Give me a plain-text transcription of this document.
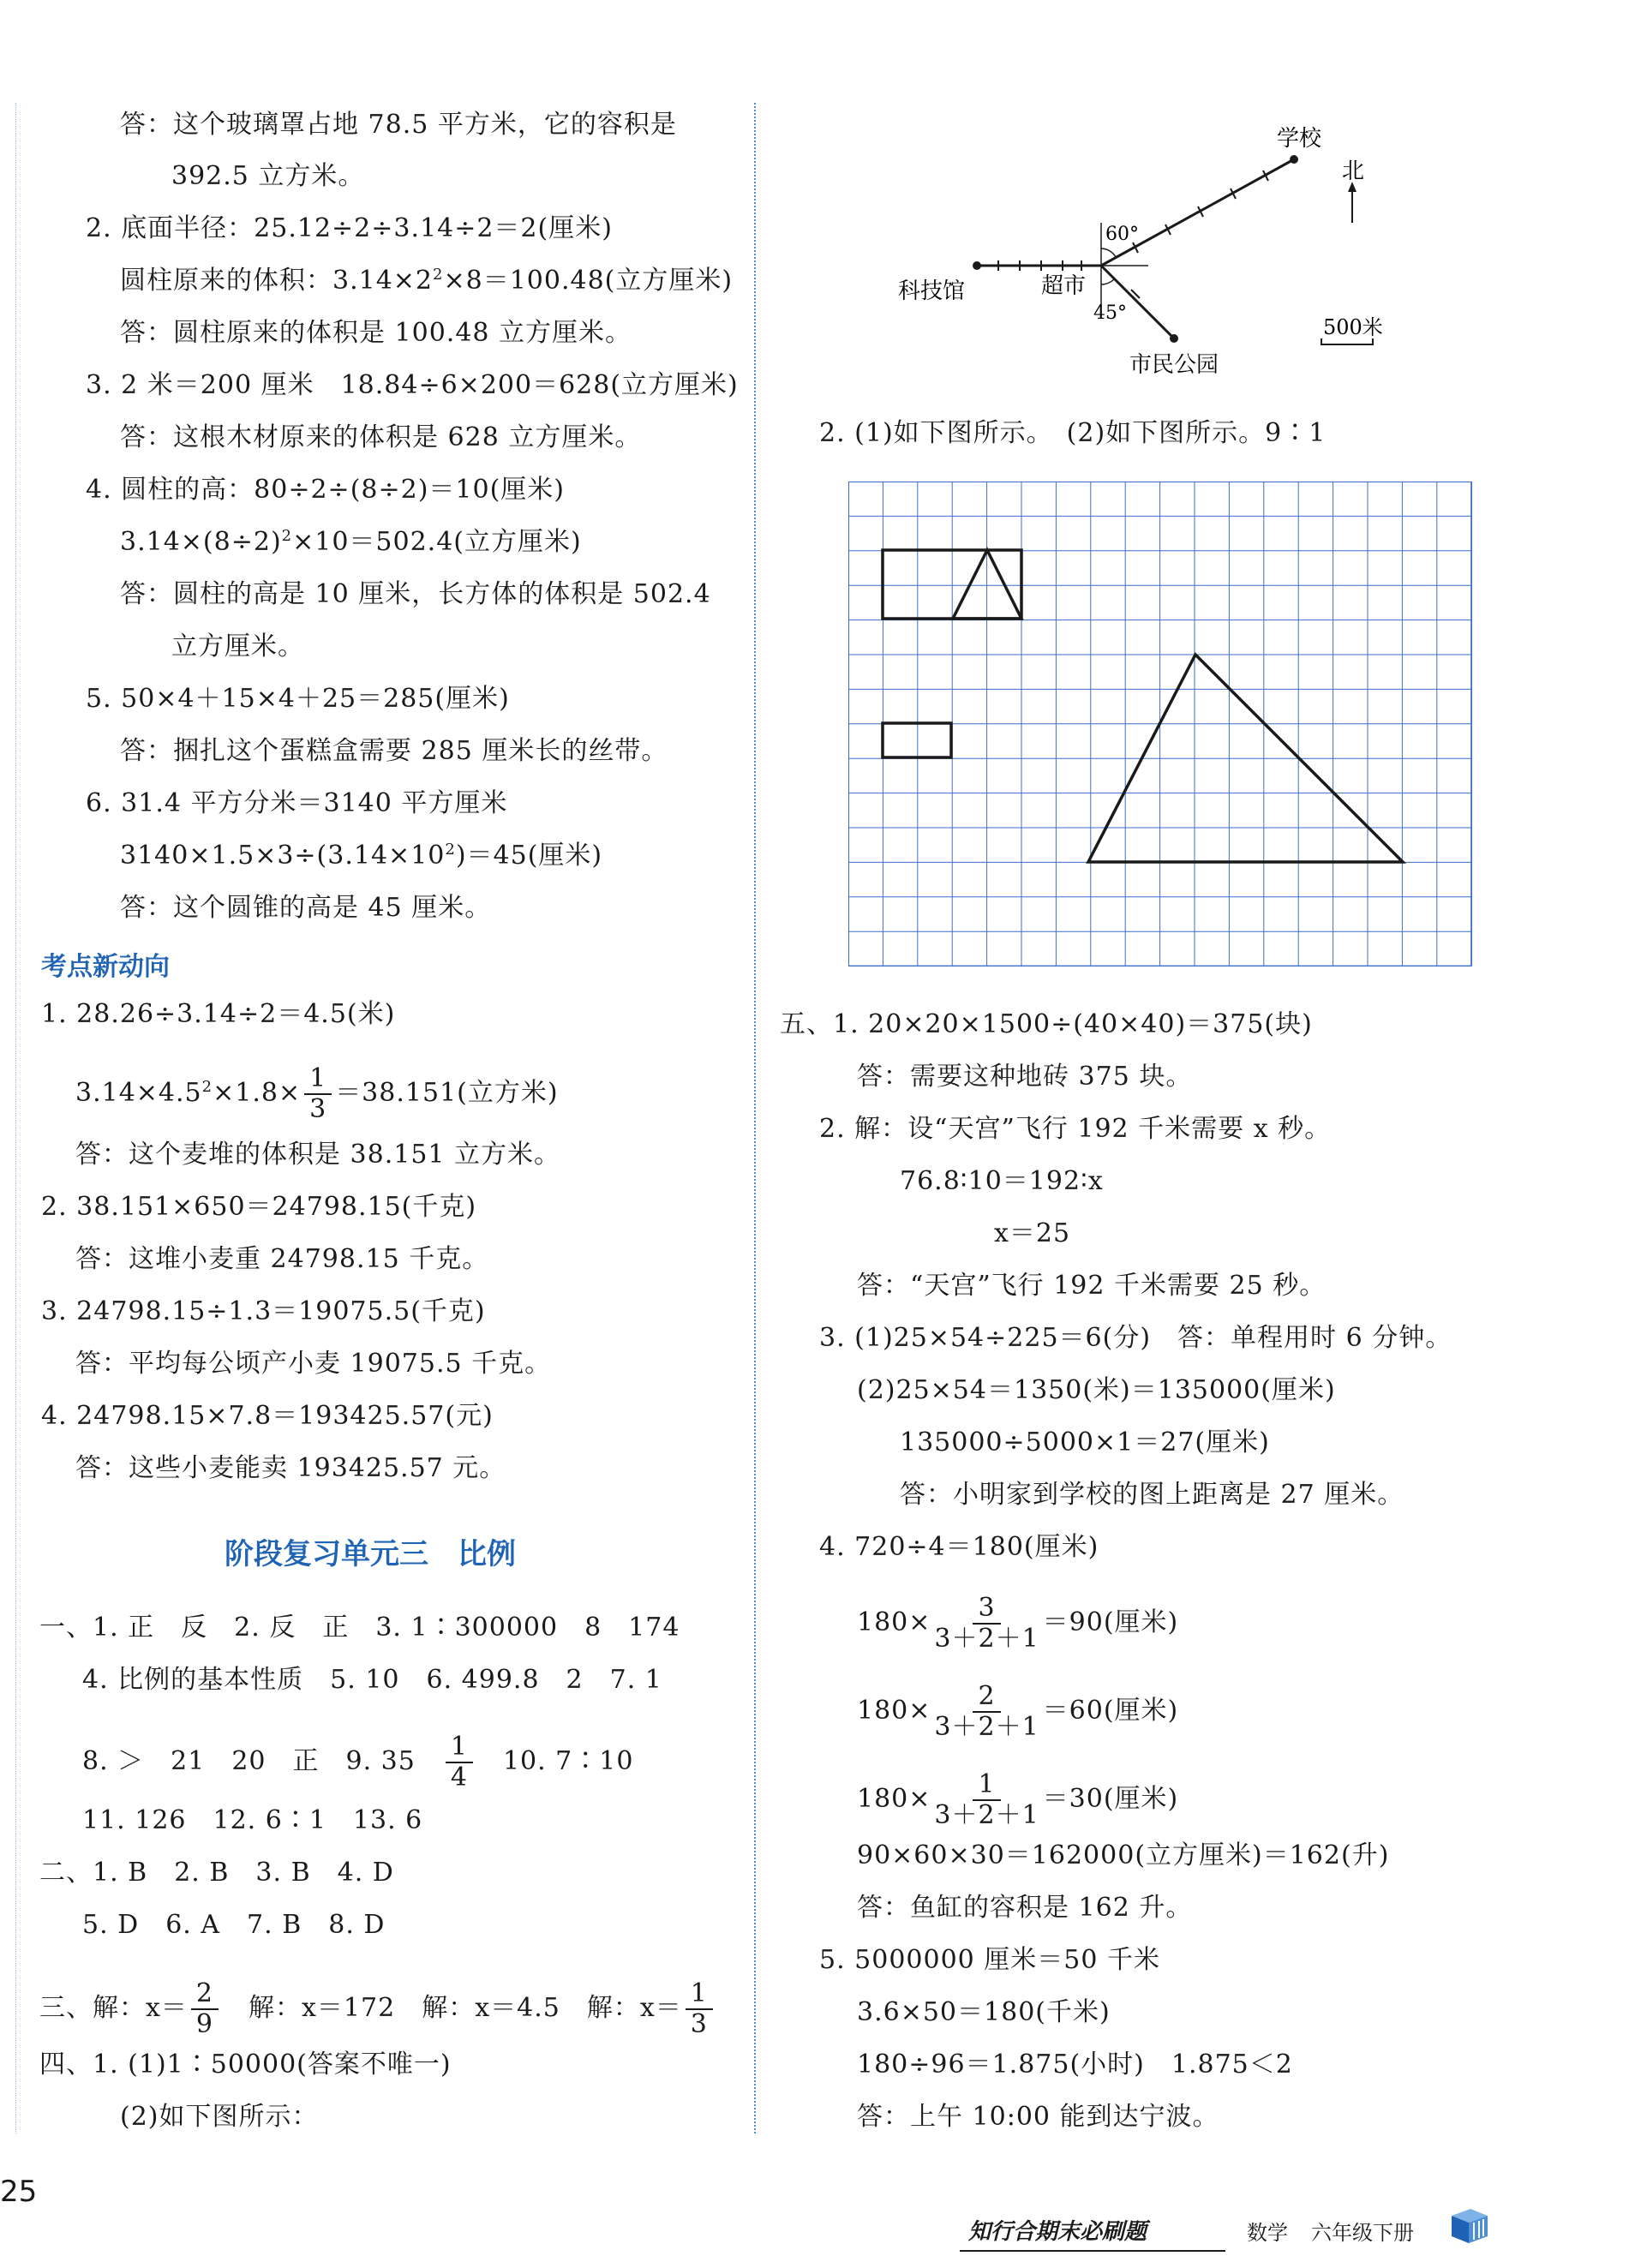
答：这个玻璃罩占地 78.5 平方米，它的容积是
392.5 立方米。
2. 底面半径：25.12÷2÷3.14÷2＝2(厘米)
圆柱原来的体积：$3.14\times 2^2\times 8=100.48$(立方厘米)
答：圆柱原来的体积是 100.48 立方厘米。
3. 2 米＝200 厘米　18.84÷6×200＝628(立方厘米)
答：这根木材原来的体积是 628 立方厘米。
4. 圆柱的高：80÷2÷(8÷2)＝10(厘米)
$3.14\times(8\div 2)^2\times 10=502.4$(立方厘米)
答：圆柱的高是 10 厘米，长方体的体积是 502.4
立方厘米。
5. 50×4＋15×4＋25＝285(厘米)
答：捆扎这个蛋糕盒需要 285 厘米长的丝带。
6. 31.4 平方分米＝3140 平方厘米
$3140\times 1.5\times 3\div(3.14\times 10^2)=45$(厘米)
答：这个圆锥的高是 45 厘米。
考点新动向
1. 28.26÷3.14÷2＝4.5(米)
$3.14\times 4.5^2\times 1.8\times \frac{1}{3} =38.151$(立方米)
答：这个麦堆的体积是 38.151 立方米。
2. 38.151×650＝24798.15(千克)
答：这堆小麦重 24798.15 千克。
3. 24798.15÷1.3＝19075.5(千克)
答：平均每公顷产小麦 19075.5 千克。
4. 24798.15×7.8＝193425.57(元)
答：这些小麦能卖 193425.57 元。
阶段复习单元三　比例
一、1. 正　反　2. 反　正　3. 1∶300000　8　174
4. 比例的基本性质　5. 10　6. 499.8　2　7. 1
8. ＞　21　20　正　9. 35　 $\frac{1}{4}$
　 10. 7∶10
11. 126　12. 6∶1　13. 6
二、1. B　2. B　3. B　4. D
5. D　6. A　7. B　8. D
三、解：$x= \frac{2}{9}$
　 解：x＝172　解：x＝4.5　解：$x= \frac{1}{3}$
四、1. (1)1∶50000(答案不唯一)
(2)如下图所示：
学校
北
60°
45°
科技馆	超市
市民公园
500米
2. (1)如下图所示。　(2)如下图所示。9∶1
五、1. 20×20×1500÷(40×40)＝375(块)
答：需要这种地砖 375 块。
2. 解：设“天宫”飞行 192 千米需要 x 秒。
76.8∶10＝192∶x
x＝25
答：“天宫”飞行 192 千米需要 25 秒。
3. (1)25×54÷225＝6(分)　答：单程用时 6 分钟。
(2)25×54＝1350(米)＝135000(厘米)
135000÷5000×1＝27(厘米)
答：小明家到学校的图上距离是 27 厘米。
4. 720÷4＝180(厘米)
$180\times \frac{3}{3+2+1} =90$(厘米)
$180\times \frac{2}{3+2+1} =60$(厘米)
$180\times \frac{1}{3+2+1} =30$(厘米)
90×60×30＝162000(立方厘米)＝162(升)
答：鱼缸的容积是 162 升。
5. 5000000 厘米＝50 千米
3.6×50＝180(千米)
180÷96＝1.875(小时)　1.875＜2
答：上午 10:00 能到达宁波。
25
知行合期末必刷题	数学 六年级下册
